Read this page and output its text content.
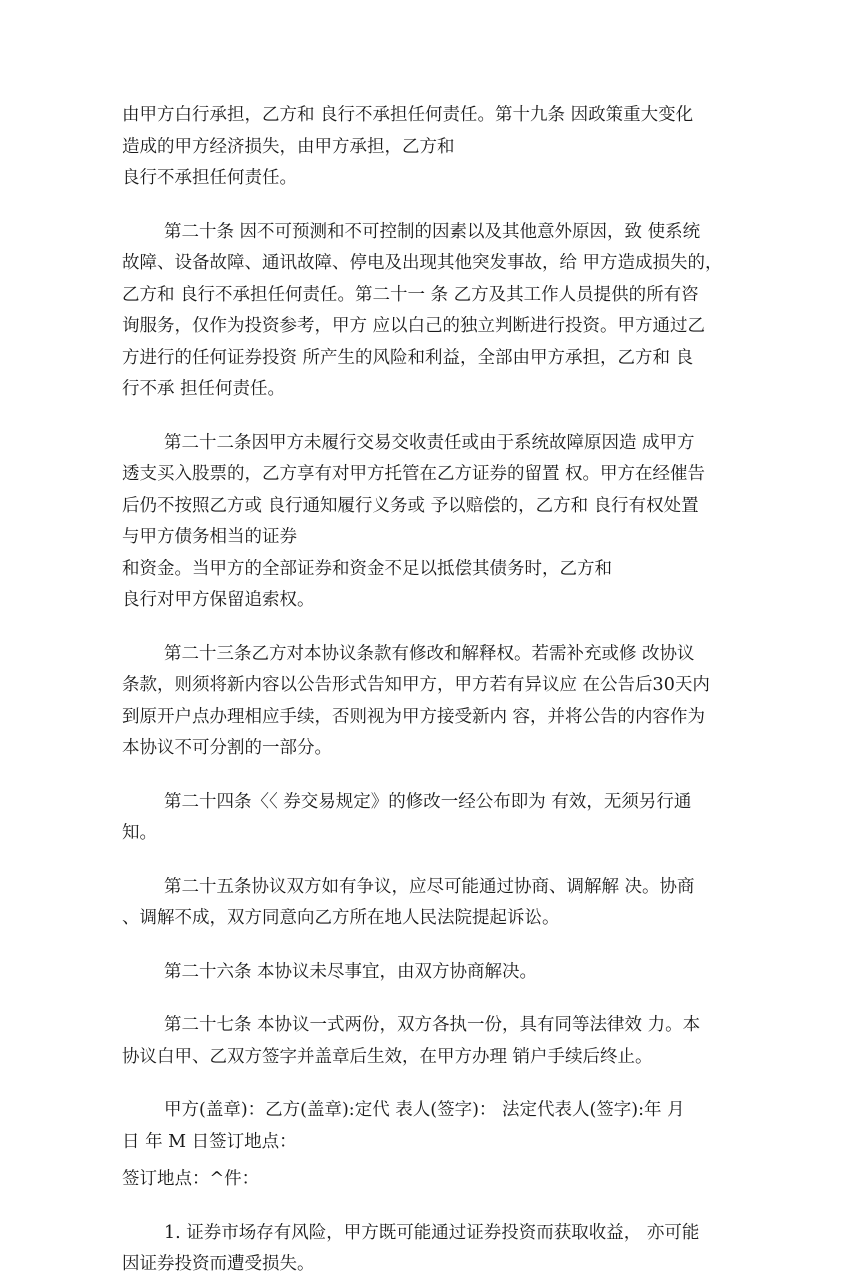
由甲方白行承担，乙方和 良行不承担任何责任。第十九条 因政策重大变化
造成的甲方经济损失，由甲方承担，乙方和
良行不承担任何责任。

第二十条 因不可预测和不可控制的因素以及其他意外原因，致 使系统
故障、设备故障、通讯故障、停电及出现其他突发事故，给 甲方造成损失的，
乙方和 良行不承担任何责任。第二十一 条 乙方及其工作人员提供的所有咨
询服务，仅作为投资参考，甲方 应以白己的独立判断进行投资。甲方通过乙
方进行的任何证券投资 所产生的风险和利益，全部由甲方承担，乙方和 良
行不承 担任何责任。

第二十二条因甲方未履行交易交收责任或由于系统故障原因造 成甲方
透支买入股票的，乙方享有对甲方托管在乙方证券的留置 权。甲方在经催告
后仍不按照乙方或 良行通知履行义务或 予以赔偿的，乙方和 良行有权处置
与甲方债务相当的证券
和资金。当甲方的全部证券和资金不足以抵偿其债务时，乙方和
良行对甲方保留追索权。

第二十三条乙方对本协议条款有修改和解释权。若需补充或修 改协议
条款，则须将新内容以公告形式告知甲方，甲方若有异议应 在公告后30天内
到原开户点办理相应手续，否则视为甲方接受新内 容，并将公告的内容作为
本协议不可分割的一部分。

第二十四条〈〈 券交易规定》的修改一经公布即为 有效，无须另行通
知。

第二十五条协议双方如有争议，应尽可能通过协商、调解解 决。协商
、调解不成，双方同意向乙方所在地人民法院提起诉讼。

第二十六条 本协议未尽事宜，由双方协商解决。

第二十七条 本协议一式两份，双方各执一份，具有同等法律效 力。本
协议白甲、乙双方签字并盖章后生效，在甲方办理 销户手续后终止。

甲方(盖章)：乙方(盖章):定代 表人(签字)： 法定代表人(签字):年 月
日 年 M 日签订地点：

签订地点：^件：

1. 证券市场存有风险，甲方既可能通过证券投资而获取收益， 亦可能
因证券投资而遭受损失。
